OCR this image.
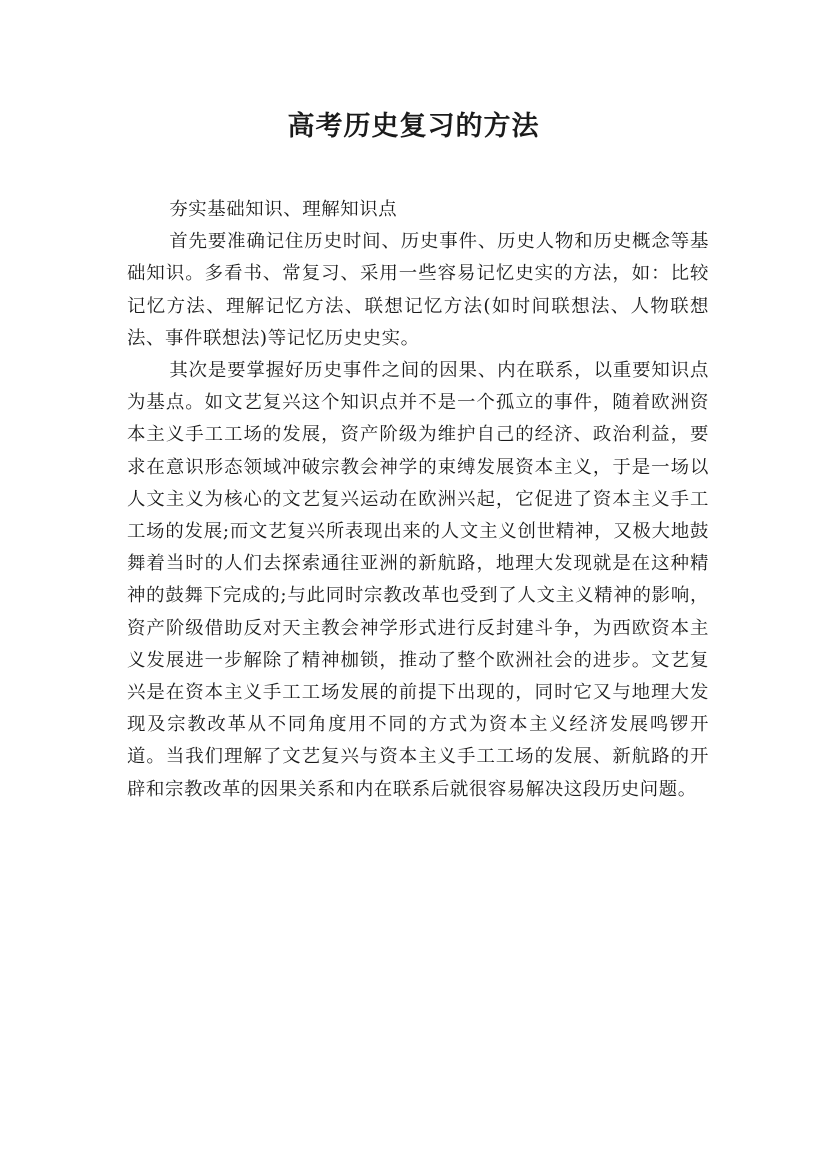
高考历史复习的方法

夯实基础知识、理解知识点

首先要准确记住历史时间、历史事件、历史人物和历史概念等基础知识。多看书、常复习、采用一些容易记忆史实的方法，如：比较记忆方法、理解记忆方法、联想记忆方法(如时间联想法、人物联想法、事件联想法)等记忆历史史实。

其次是要掌握好历史事件之间的因果、内在联系，以重要知识点为基点。如文艺复兴这个知识点并不是一个孤立的事件，随着欧洲资本主义手工工场的发展，资产阶级为维护自己的经济、政治利益，要求在意识形态领域冲破宗教会神学的束缚发展资本主义，于是一场以人文主义为核心的文艺复兴运动在欧洲兴起，它促进了资本主义手工工场的发展;而文艺复兴所表现出来的人文主义创世精神，又极大地鼓舞着当时的人们去探索通往亚洲的新航路，地理大发现就是在这种精神的鼓舞下完成的;与此同时宗教改革也受到了人文主义精神的影响，资产阶级借助反对天主教会神学形式进行反封建斗争，为西欧资本主义发展进一步解除了精神枷锁，推动了整个欧洲社会的进步。文艺复兴是在资本主义手工工场发展的前提下出现的，同时它又与地理大发现及宗教改革从不同角度用不同的方式为资本主义经济发展鸣锣开道。当我们理解了文艺复兴与资本主义手工工场的发展、新航路的开辟和宗教改革的因果关系和内在联系后就很容易解决这段历史问题。
